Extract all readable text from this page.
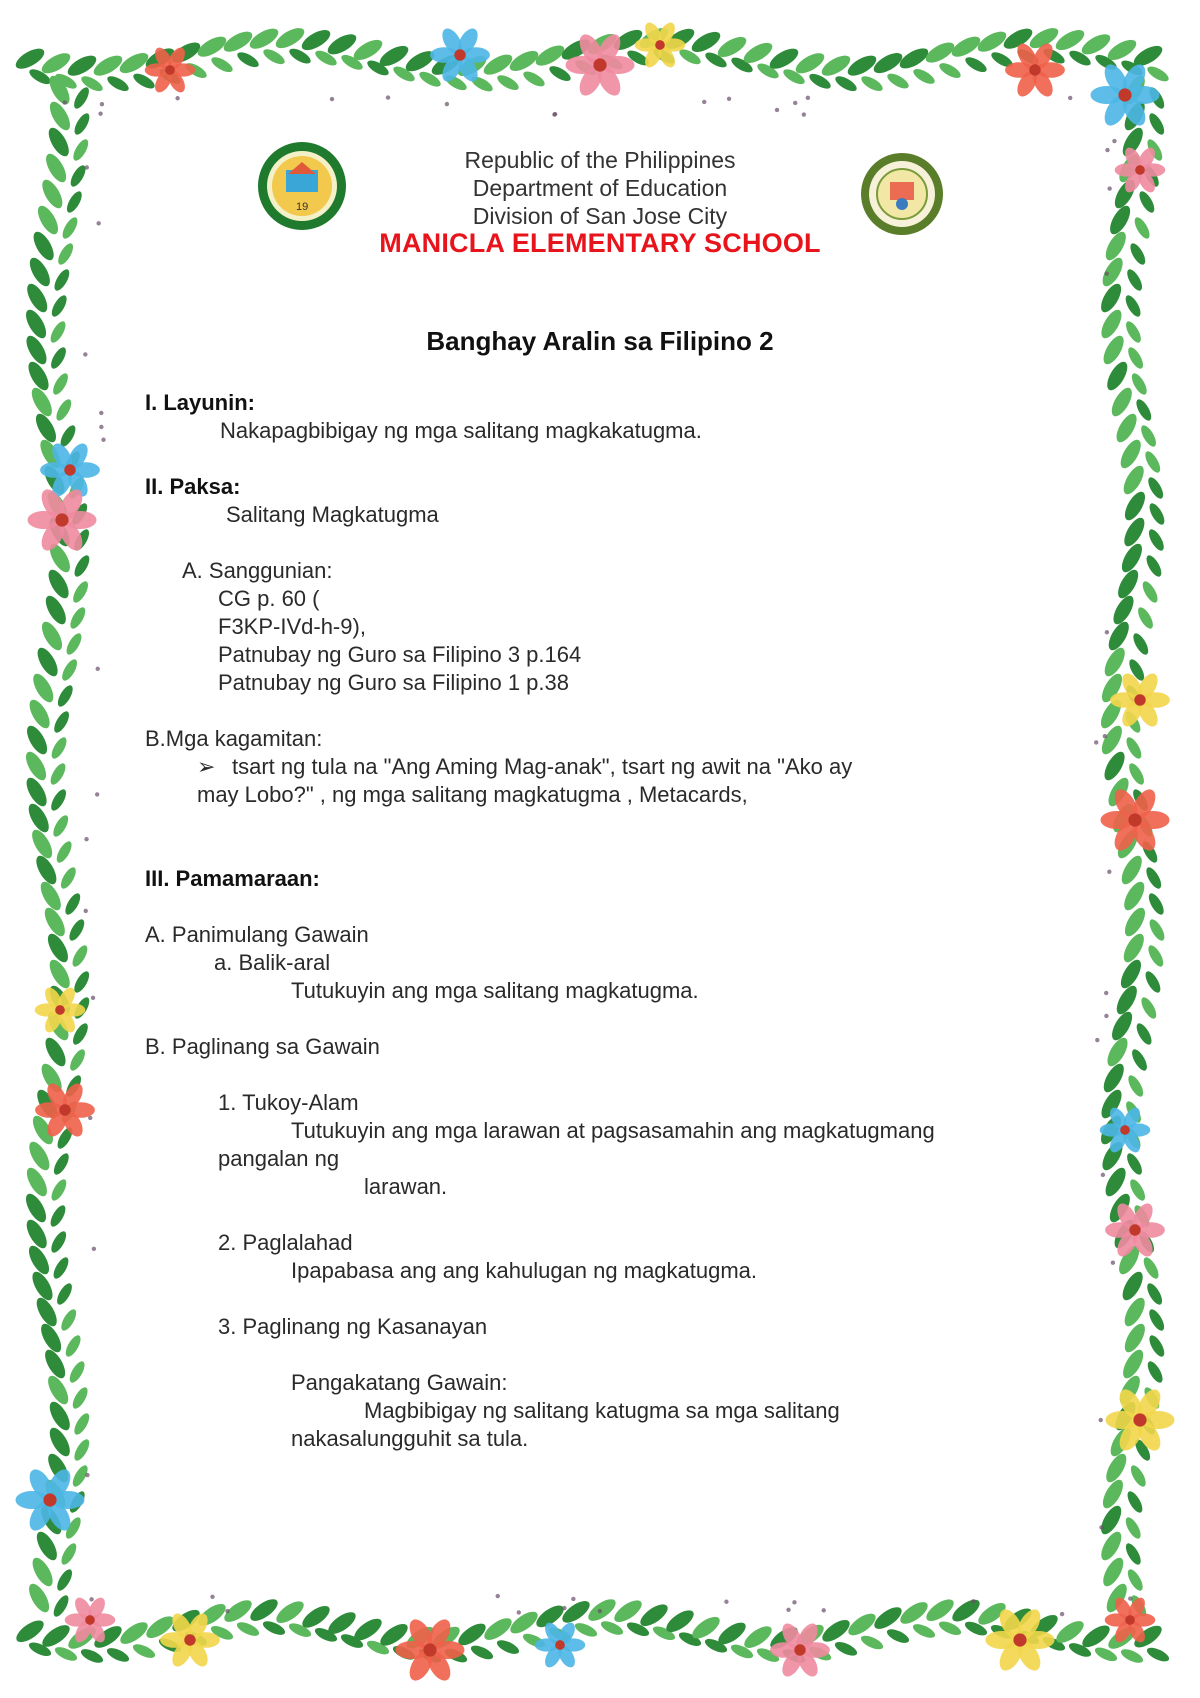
19
Republic of the Philippines
Department of Education
Division of San Jose City
MANICLA ELEMENTARY SCHOOL
Banghay Aralin sa Filipino 2
I. Layunin:
Nakapagbibigay ng mga salitang magkakatugma.
II. Paksa:
Salitang Magkatugma
A. Sanggunian:
CG p. 60 (
F3KP-IVd-h-9),
Patnubay ng Guro sa Filipino 3 p.164
Patnubay ng Guro sa Filipino 1 p.38
B.Mga kagamitan:
➢ tsart ng tula na "Ang Aming Mag-anak", tsart ng awit na "Ako ay
may Lobo?" , ng mga salitang magkatugma , Metacards,
III. Pamamaraan:
A. Panimulang Gawain
a. Balik-aral
Tutukuyin ang mga salitang magkatugma.
B. Paglinang sa Gawain
1. Tukoy-Alam
Tutukuyin ang mga larawan at pagsasamahin ang magkatugmang
pangalan ng
larawan.
2. Paglalahad
Ipapabasa ang ang kahulugan ng magkatugma.
3. Paglinang ng Kasanayan
Pangakatang Gawain:
Magbibigay ng salitang katugma sa mga salitang
nakasalungguhit sa tula.
